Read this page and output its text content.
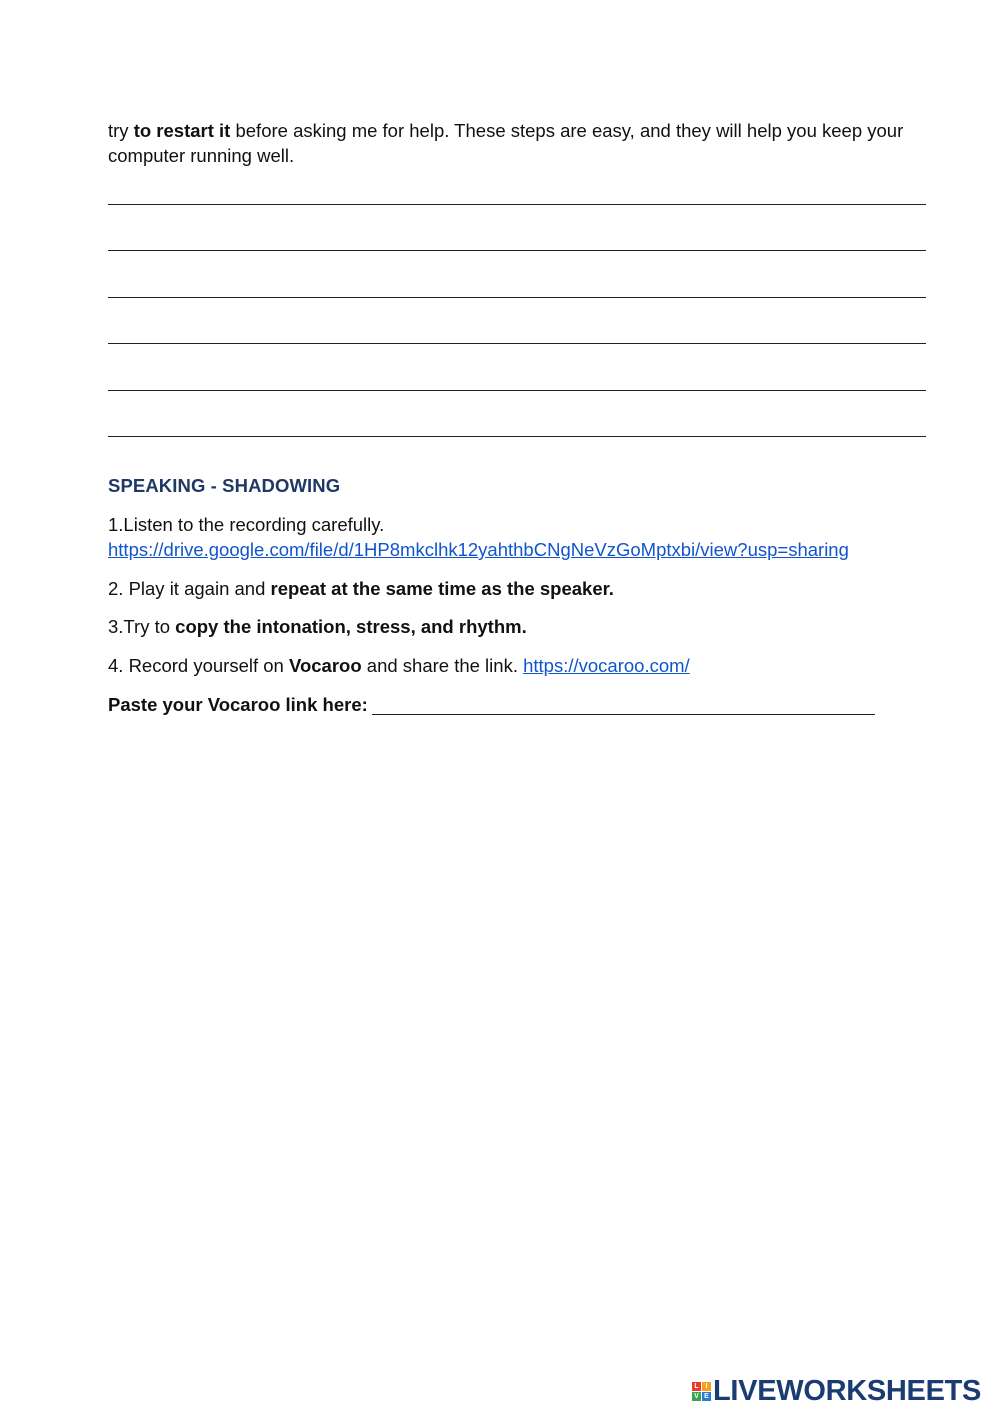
try to restart it before asking me for help. These steps are easy, and they will help you keep your computer running well.

SPEAKING - SHADOWING
1.Listen to the recording carefully.
https://drive.google.com/file/d/1HP8mkclhk12yahthbCNgNeVzGoMptxbi/view?usp=sharing
2. Play it again and repeat at the same time as the speaker.
3.Try to copy the intonation, stress, and rhythm.
4. Record yourself on Vocaroo and share the link. https://vocaroo.com/
Paste your Vocaroo link here:
L I
V E LIVEWORKSHEETS
